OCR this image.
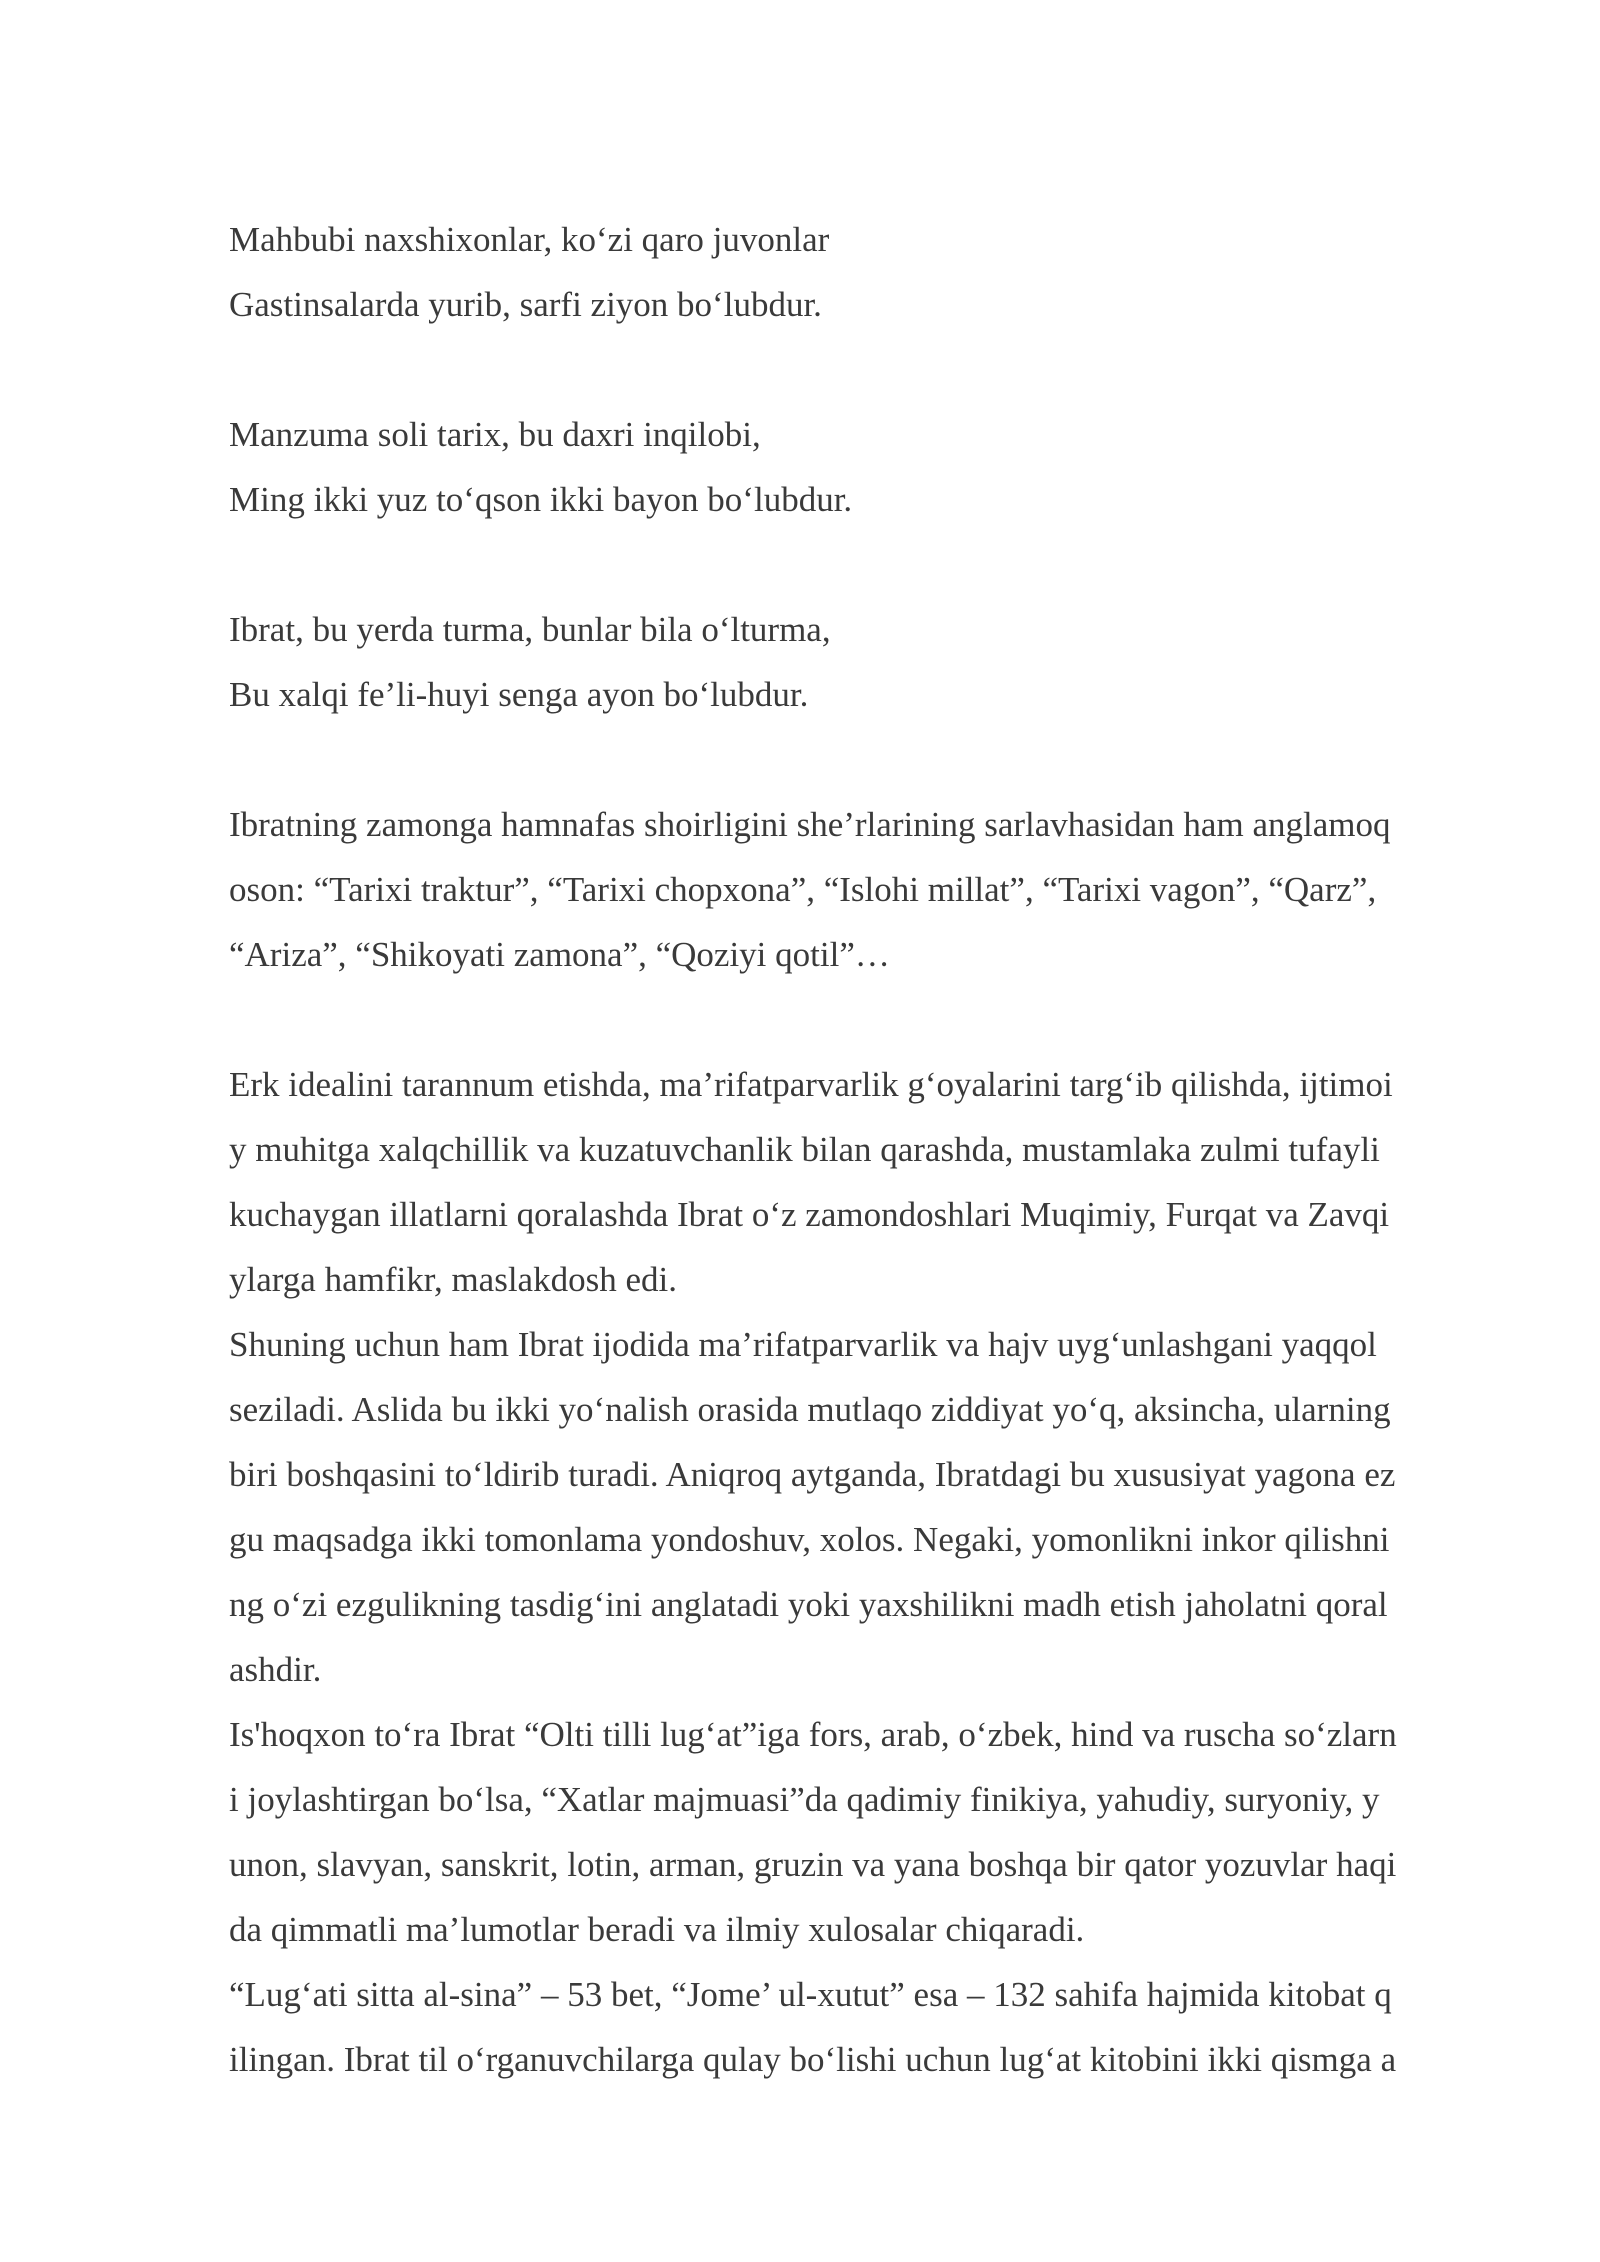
Mahbubi naxshixonlar, ko‘zi qaro juvonlar
Gastinsalarda yurib, sarfi ziyon bo‘lubdur.
Manzuma soli tarix, bu daxri inqilobi,
Ming ikki yuz to‘qson ikki bayon bo‘lubdur.
Ibrat, bu yerda turma, bunlar bila o‘lturma,
Bu xalqi fe’li-huyi senga ayon bo‘lubdur.
Ibratning zamonga hamnafas shoirligini she’rlarining sarlavhasidan ham anglamoq
oson: “Tarixi traktur”, “Tarixi chopxona”, “Islohi millat”, “Tarixi vagon”, “Qarz”,
“Ariza”, “Shikoyati zamona”, “Qoziyi qotil”…
Erk idealini tarannum etishda, ma’rifatparvarlik g‘oyalarini targ‘ib qilishda, ijtimoi
y muhitga xalqchillik va kuzatuvchanlik bilan qarashda, mustamlaka zulmi tufayli
kuchaygan illatlarni qoralashda Ibrat o‘z zamondoshlari Muqimiy, Furqat va Zavqi
ylarga hamfikr, maslakdosh edi.
Shuning uchun ham Ibrat ijodida ma’rifatparvarlik va hajv uyg‘unlashgani yaqqol
seziladi. Aslida bu ikki yo‘nalish orasida mutlaqo ziddiyat yo‘q, aksincha, ularning
biri boshqasini to‘ldirib turadi. Aniqroq aytganda, Ibratdagi bu xususiyat yagona ez
gu maqsadga ikki tomonlama yondoshuv, xolos. Negaki, yomonlikni inkor qilishni
ng o‘zi ezgulikning tasdig‘ini anglatadi yoki yaxshilikni madh etish jaholatni qoral
ashdir.
Is'hoqxon to‘ra Ibrat “Olti tilli lug‘at”iga fors, arab, o‘zbek, hind va ruscha so‘zlarn
i joylashtirgan bo‘lsa, “Xatlar majmuasi”da qadimiy finikiya, yahudiy, suryoniy, y
unon, slavyan, sanskrit, lotin, arman, gruzin va yana boshqa bir qator yozuvlar haqi
da qimmatli ma’lumotlar beradi va ilmiy xulosalar chiqaradi.
“Lug‘ati sitta al-sina” – 53 bet, “Jome’ ul-xutut” esa – 132 sahifa hajmida kitobat q
ilingan. Ibrat til o‘rganuvchilarga qulay bo‘lishi uchun lug‘at kitobini ikki qismga a
